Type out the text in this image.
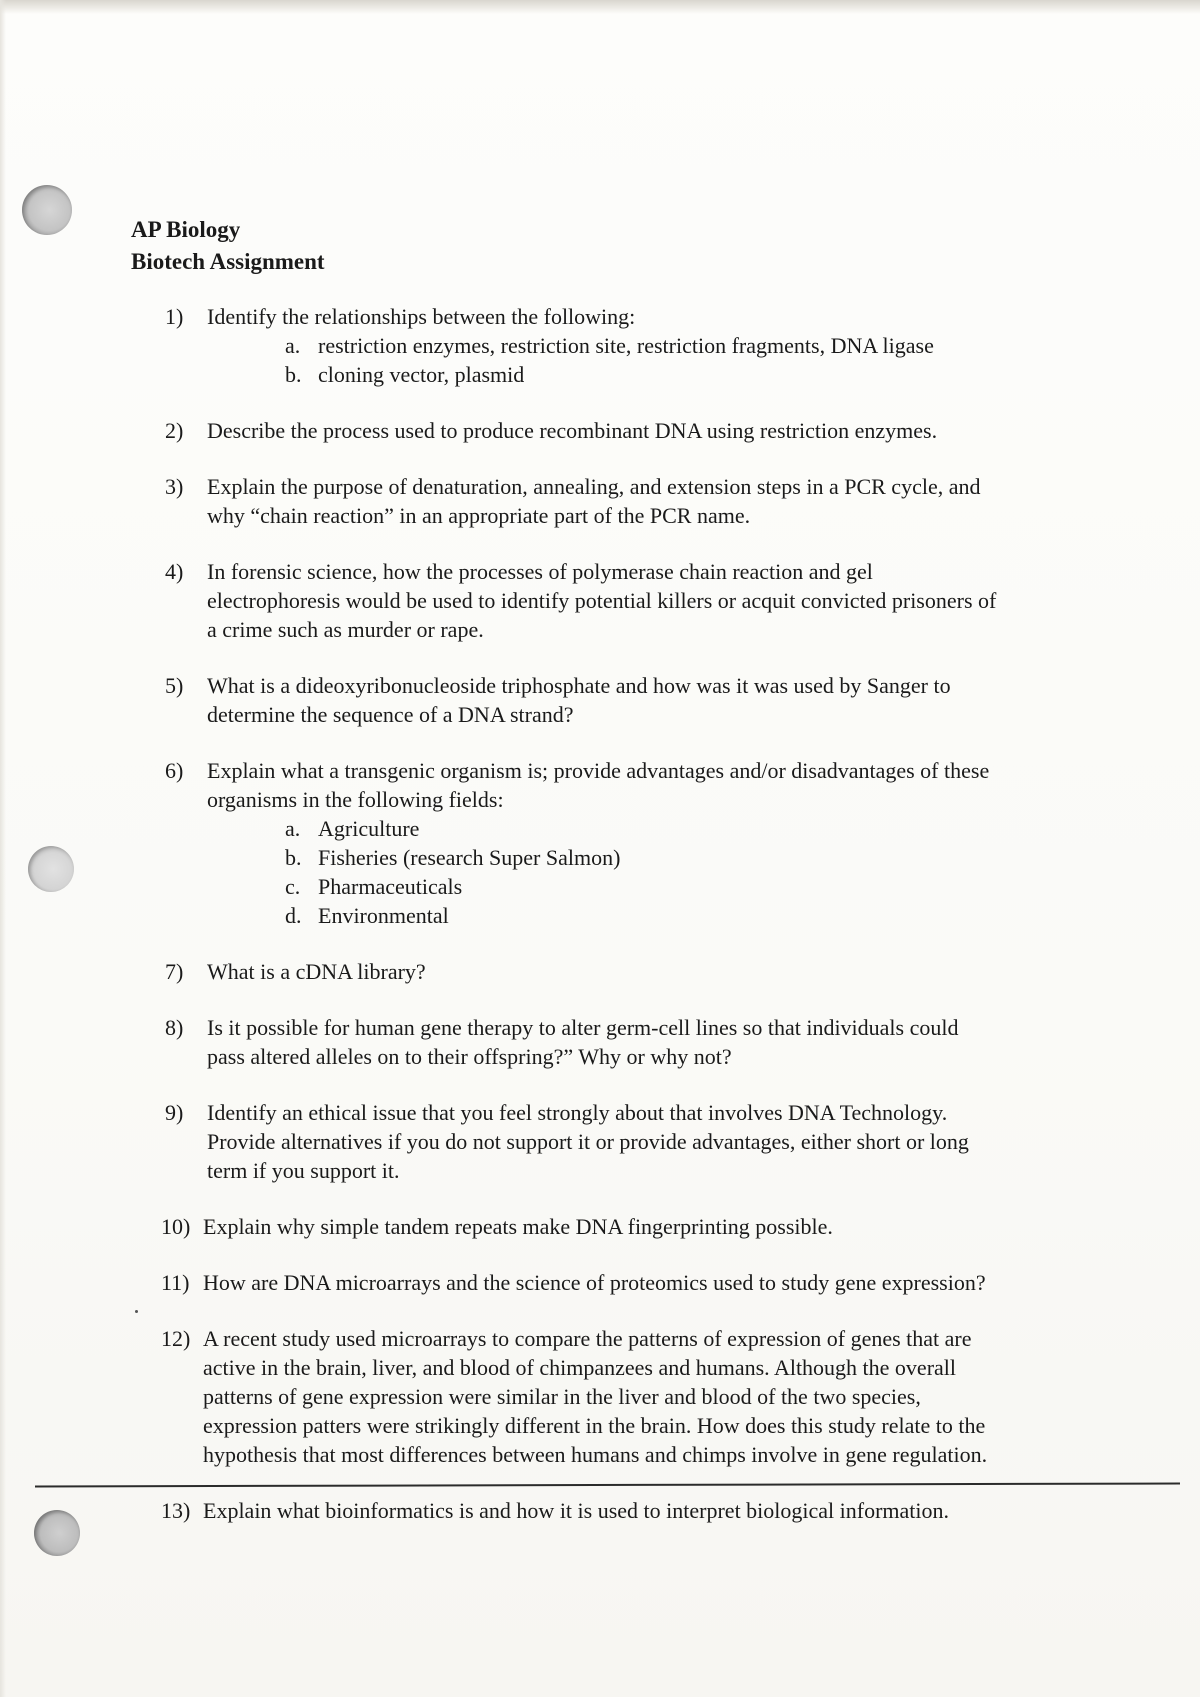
AP Biology
Biotech Assignment
1)	Identify the relationships between the following:
a. restriction enzymes, restriction site, restriction fragments, DNA ligase
b. cloning vector, plasmid
2)	Describe the process used to produce recombinant DNA using restriction enzymes.
3)	Explain the purpose of denaturation, annealing, and extension steps in a PCR cycle, and
why “chain reaction” in an appropriate part of the PCR name.
4)	In forensic science, how the processes of polymerase chain reaction and gel
electrophoresis would be used to identify potential killers or acquit convicted prisoners of
a crime such as murder or rape.
5)	What is a dideoxyribonucleoside triphosphate and how was it was used by Sanger to
determine the sequence of a DNA strand?
6)	Explain what a transgenic organism is; provide advantages and/or disadvantages of these
organisms in the following fields:
a. Agriculture
b. Fisheries (research Super Salmon)
c. Pharmaceuticals
d. Environmental
7)	What is a cDNA library?
8)	Is it possible for human gene therapy to alter germ-cell lines so that individuals could
pass altered alleles on to their offspring?” Why or why not?
9)	Identify an ethical issue that you feel strongly about that involves DNA Technology.
Provide alternatives if you do not support it or provide advantages, either short or long
term if you support it.
10) Explain why simple tandem repeats make DNA fingerprinting possible.
11) How are DNA microarrays and the science of proteomics used to study gene expression?
12) A recent study used microarrays to compare the patterns of expression of genes that are
active in the brain, liver, and blood of chimpanzees and humans. Although the overall
patterns of gene expression were similar in the liver and blood of the two species,
expression patters were strikingly different in the brain. How does this study relate to the
hypothesis that most differences between humans and chimps involve in gene regulation.
13) Explain what bioinformatics is and how it is used to interpret biological information.
